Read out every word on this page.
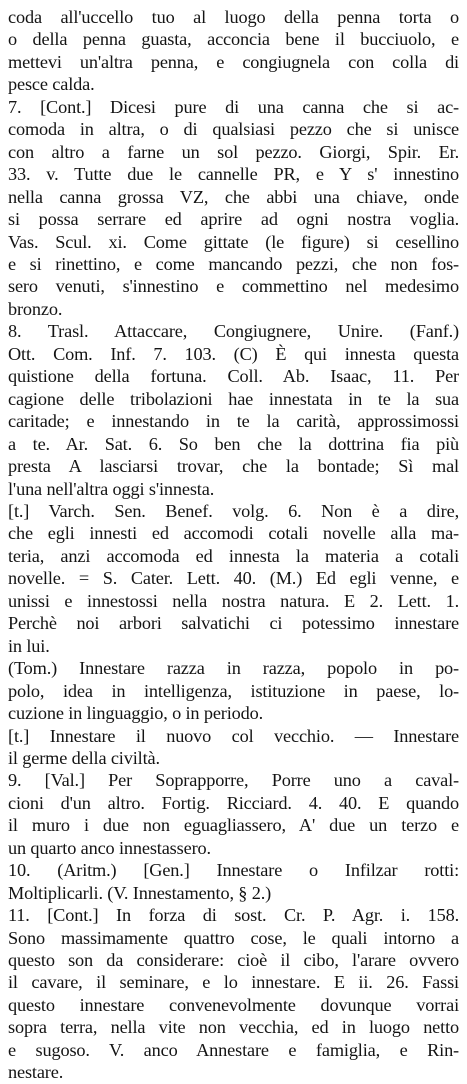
coda all'uccello tuo al luogo della penna torta o
o della penna guasta, acconcia bene il bucciuolo, e
mettevi un'altra penna, e congiugnela con colla di
pesce calda.
7. [Cont.] Dicesi pure di una canna che si ac-
comoda in altra, o di qualsiasi pezzo che si unisce
con altro a farne un sol pezzo. Giorgi, Spir. Er.
33. v. Tutte due le cannelle PR, e Y s' innestino
nella canna grossa VZ, che abbi una chiave, onde
si possa serrare ed aprire ad ogni nostra voglia.
Vas. Scul. xi. Come gittate (le figure) si cesellino
e si rinettino, e come mancando pezzi, che non fos-
sero venuti, s'innestino e commettino nel medesimo
bronzo.
8. Trasl. Attaccare, Congiugnere, Unire. (Fanf.)
Ott. Com. Inf. 7. 103. (C) È qui innesta questa
quistione della fortuna. Coll. Ab. Isaac, 11. Per
cagione delle tribolazioni hae innestata in te la sua
caritade; e innestando in te la carità, approssimossi
a te. Ar. Sat. 6. So ben che la dottrina fia più
presta A lasciarsi trovar, che la bontade; Sì mal
l'una nell'altra oggi s'innesta.
[t.] Varch. Sen. Benef. volg. 6. Non è a dire,
che egli innesti ed accomodi cotali novelle alla ma-
teria, anzi accomoda ed innesta la materia a cotali
novelle. = S. Cater. Lett. 40. (M.) Ed egli venne, e
unissi e innestossi nella nostra natura. E 2. Lett. 1.
Perchè noi arbori salvatichi ci potessimo innestare
in lui.
(Tom.) Innestare razza in razza, popolo in po-
polo, idea in intelligenza, istituzione in paese, lo-
cuzione in linguaggio, o in periodo.
[t.] Innestare il nuovo col vecchio. — Innestare
il germe della civiltà.
9. [Val.] Per Soprapporre, Porre uno a caval-
cioni d'un altro. Fortig. Ricciard. 4. 40. E quando
il muro i due non eguagliassero, A' due un terzo e
un quarto anco innestassero.
10. (Aritm.) [Gen.] Innestare o Infilzar rotti:
Moltiplicarli. (V. Innestamento, § 2.)
11. [Cont.] In forza di sost. Cr. P. Agr. i. 158.
Sono massimamente quattro cose, le quali intorno a
questo son da considerare: cioè il cibo, l'arare ovvero
il cavare, il seminare, e lo innestare. E ii. 26. Fassi
questo innestare convenevolmente dovunque vorrai
sopra terra, nella vite non vecchia, ed in luogo netto
e sugoso. V. anco Annestare e famiglia, e Rin-
nestare.
